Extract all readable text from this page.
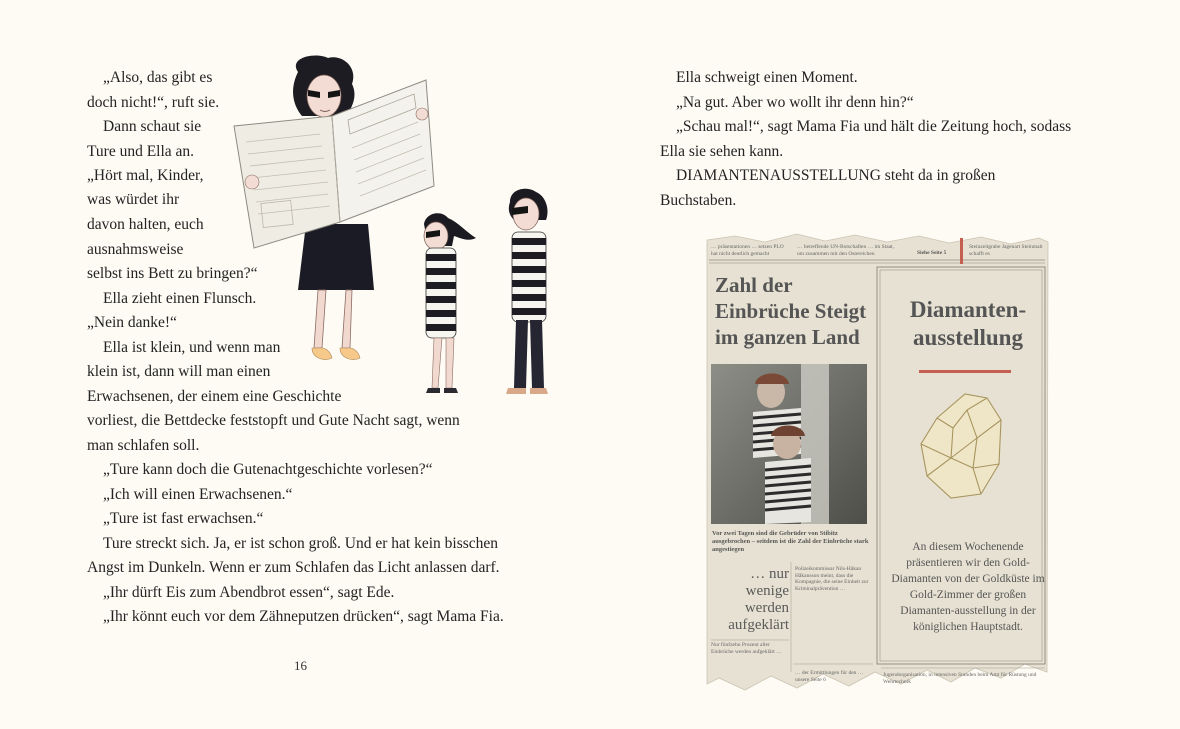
„Also, das gibt es
doch nicht!“, ruft sie.
Dann schaut sie
Ture und Ella an.
„Hört mal, Kinder,
was würdet ihr
davon halten, euch
ausnahmsweise
selbst ins Bett zu bringen?“
Ella zieht einen Flunsch.
„Nein danke!“
Ella ist klein, und wenn man
klein ist, dann will man einen
Erwachsenen, der einem eine Geschichte
vorliest, die Bettdecke feststopft und Gute Nacht sagt, wenn
man schlafen soll.
„Ture kann doch die Gutenachtgeschichte vorlesen?“
„Ich will einen Erwachsenen.“
„Ture ist fast erwachsen.“
Ture streckt sich. Ja, er ist schon groß. Und er hat kein bisschen
Angst im Dunkeln. Wenn er zum Schlafen das Licht anlassen darf.
„Ihr dürft Eis zum Abendbrot essen“, sagt Ede.
„Ihr könnt euch vor dem Zähneputzen drücken“, sagt Mama Fia.
16
Ella schweigt einen Moment.
„Na gut. Aber wo wollt ihr denn hin?“
„Schau mal!“, sagt Mama Fia und hält die Zeitung hoch, sodass
Ella sie sehen kann.
DIAMANTENAUSSTELLUNG steht da in großen
Buchstaben.
… präsentationen … setzen PLO hat nicht deutlich gemacht
… betreffende UN-Botschaften … im Staat, um zusammen mit den Ostereichen	Siehe Seite 5
Steinzeitgrabe Jagenart Steinmalt schafft es
Zahl der Einbrüche Steigt im ganzen Land
Diamanten-ausstellung
Vor zwei Tagen sind die Gebrüder von Stibitz ausgebrochen – seitdem ist die Zahl der Einbrüche stark angestiegen
… nur wenige werden aufgeklärt
Polizeikommissar Nils-Håkan Håkansson meint, dass die Kompagnie, die seine Einheit zur Kriminalprävention …
Nur fünfzehn Prozent aller Einbrüche werden aufgeklärt …
An diesem Wochenende präsentieren wir den Gold-Diamanten von der Goldküste im Gold-Zimmer der großen Diamanten-ausstellung in der königlichen Hauptstadt.
… der Ermittlungen für den … unsere Seite 6
Jugendorganisation, in intensiven Stunden beim Amt für Rüstung und Wehrtechnik
